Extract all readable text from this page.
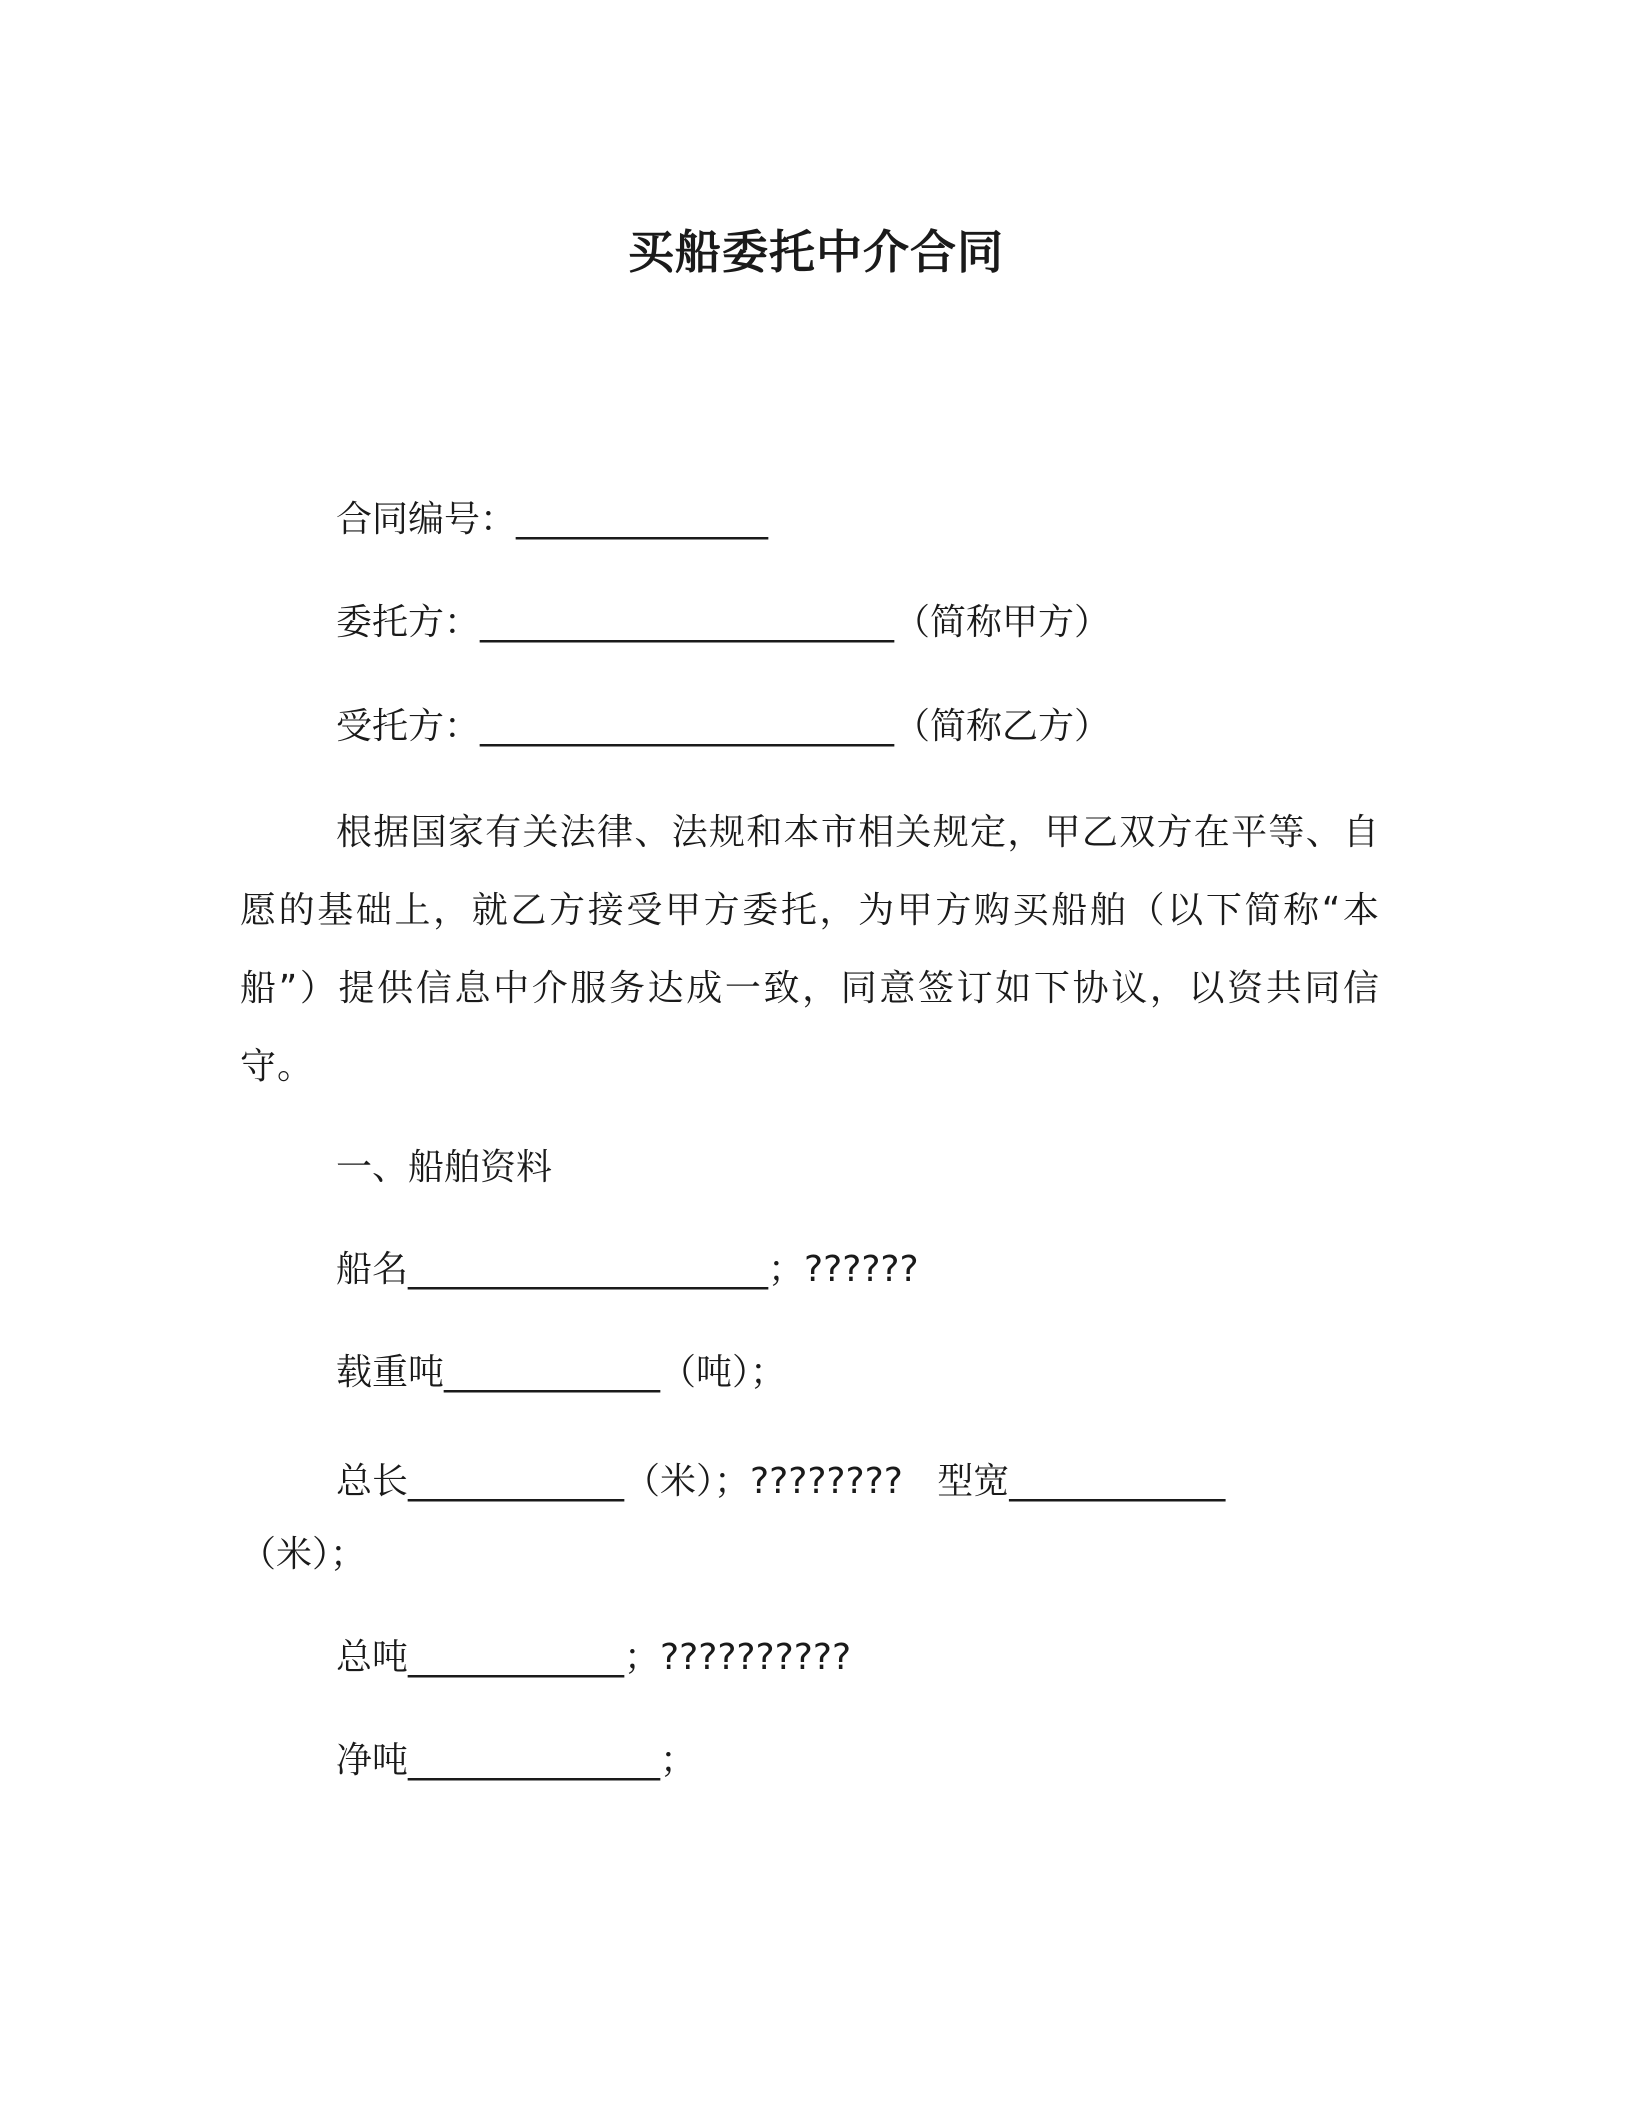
买船委托中介合同
合同编号：______________
委托方：_______________________（简称甲方）
受托方：_______________________（简称乙方）
根据国家有关法律、法规和本市相关规定，甲乙双方在平等、自愿的基础上，就乙方接受甲方委托，为甲方购买船舶（以下简称“本船”）提供信息中介服务达成一致，同意签订如下协议，以资共同信守。
一、船舶资料
船名____________________；??????
载重吨____________（吨）；
总长____________（米）；????????   型宽____________
（米）；
总吨____________；??????????
净吨______________；
